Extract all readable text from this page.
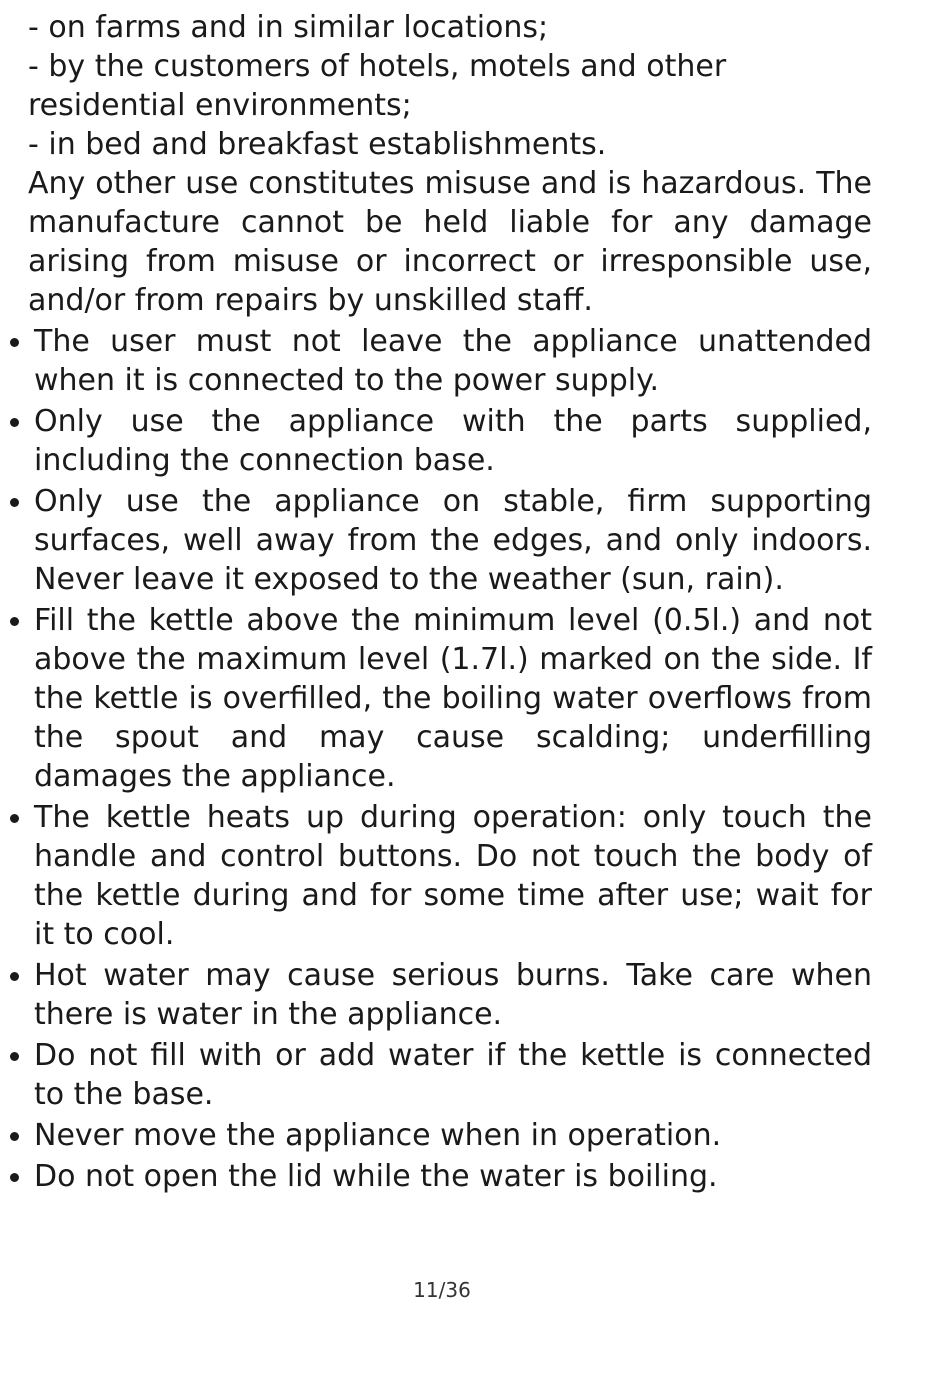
- on farms and in similar locations;

- by the customers of hotels, motels and other residential environments;

- in bed and breakfast establishments.

Any other use constitutes misuse and is hazardous. The manufacture cannot be held liable for any damage arising from misuse or incorrect or irresponsible use, and/or from repairs by unskilled staff.

The user must not leave the appliance unattended when it is connected to the power supply.
Only use the appliance with the parts supplied, including the connection base.
Only use the appliance on stable, firm supporting surfaces, well away from the edges, and only indoors. Never leave it exposed to the weather (sun, rain).
Fill the kettle above the minimum level (0.5l.) and not above the maximum level (1.7l.) marked on the side. If the kettle is overfilled, the boiling water overflows from the spout and may cause scalding; underfilling damages the appliance.
The kettle heats up during operation: only touch the handle and control buttons. Do not touch the body of the kettle during and for some time after use; wait for it to cool.
Hot water may cause serious burns. Take care when there is water in the appliance.
Do not fill with or add water if the kettle is connected to the base.
Never move the appliance when in operation.
Do not open the lid while the water is boiling.
11/36
